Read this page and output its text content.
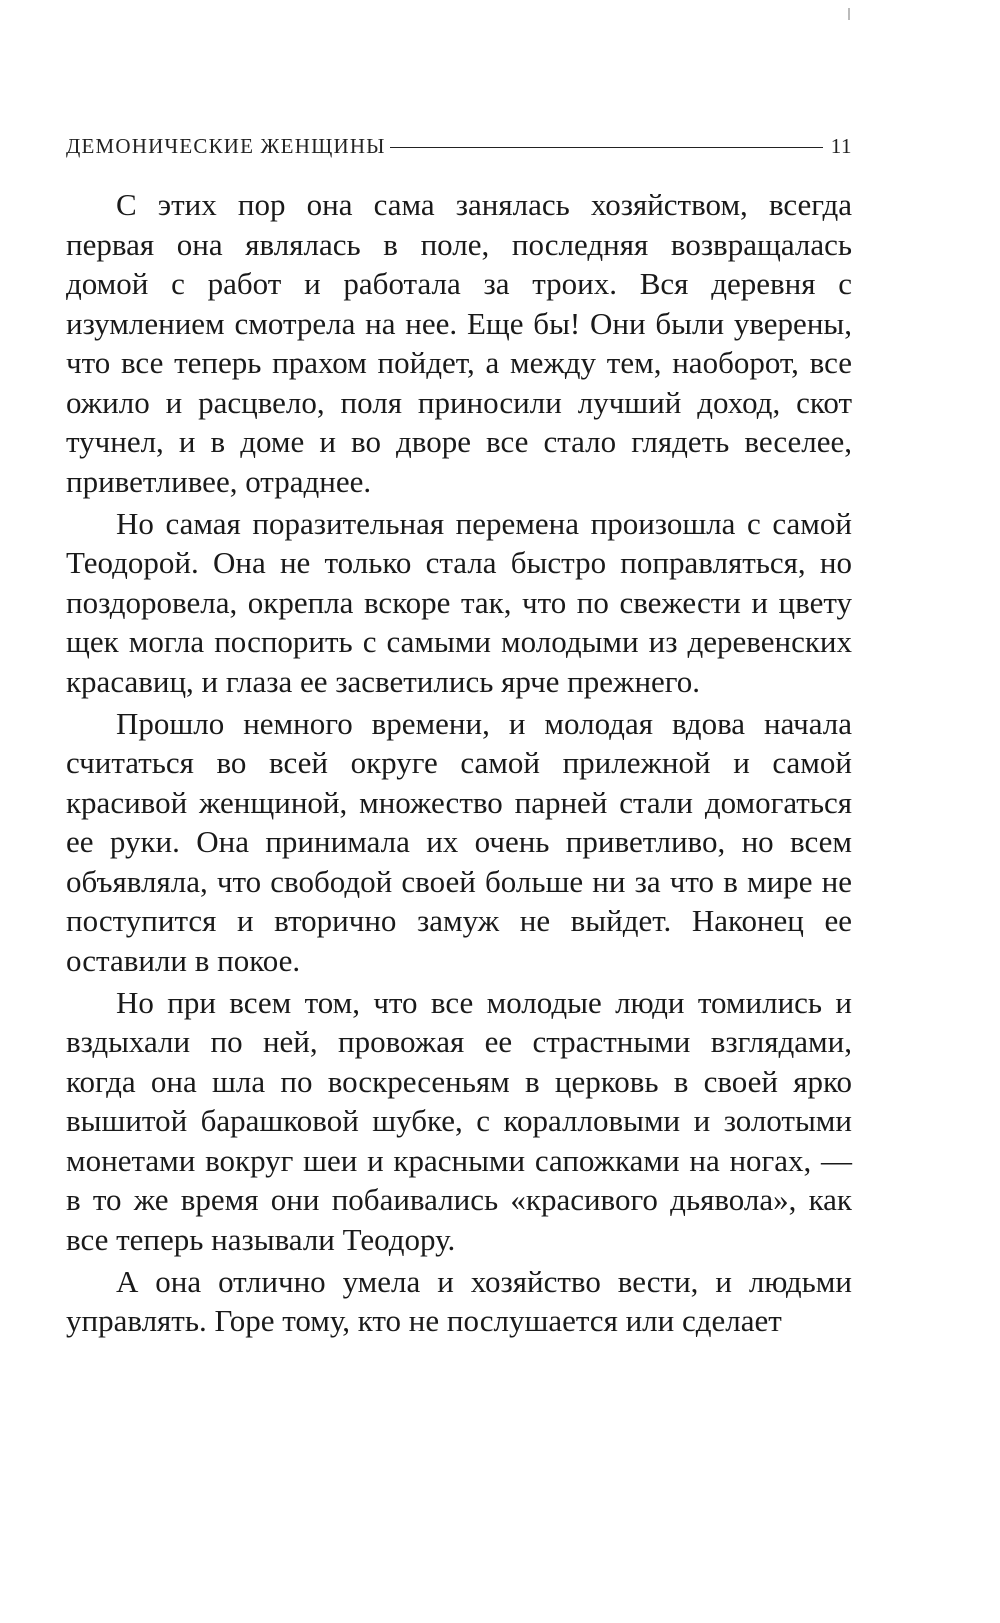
ДЕМОНИЧЕСКИЕ ЖЕНЩИНЫ	11

С этих пор она сама занялась хозяйством, всегда первая она являлась в поле, последняя возвращалась домой с работ и работала за троих. Вся деревня с изумлением смотрела на нее. Еще бы! Они были уверены, что все теперь прахом пойдет, а между тем, наоборот, все ожило и расцвело, поля приносили лучший доход, скот тучнел, и в доме и во дворе все стало глядеть веселее, приветливее, отраднее.

Но самая поразительная перемена произошла с самой Теодорой. Она не только стала быстро поправляться, но поздоровела, окрепла вскоре так, что по свежести и цвету щек могла поспорить с самыми молодыми из деревенских красавиц, и глаза ее засветились ярче прежнего.

Прошло немного времени, и молодая вдова начала считаться во всей округе самой прилежной и самой красивой женщиной, множество парней стали домогаться ее руки. Она принимала их очень приветливо, но всем объявляла, что свободой своей больше ни за что в мире не поступится и вторично замуж не выйдет. Наконец ее оставили в покое.

Но при всем том, что все молодые люди томились и вздыхали по ней, провожая ее страстными взглядами, когда она шла по воскресеньям в церковь в своей ярко вышитой барашковой шубке, с коралловыми и золотыми монетами вокруг шеи и красными сапожками на ногах, — в то же время они побаивались «красивого дьявола», как все теперь называли Теодору.

А она отлично умела и хозяйство вести, и людьми управлять. Горе тому, кто не послушается или сделает
